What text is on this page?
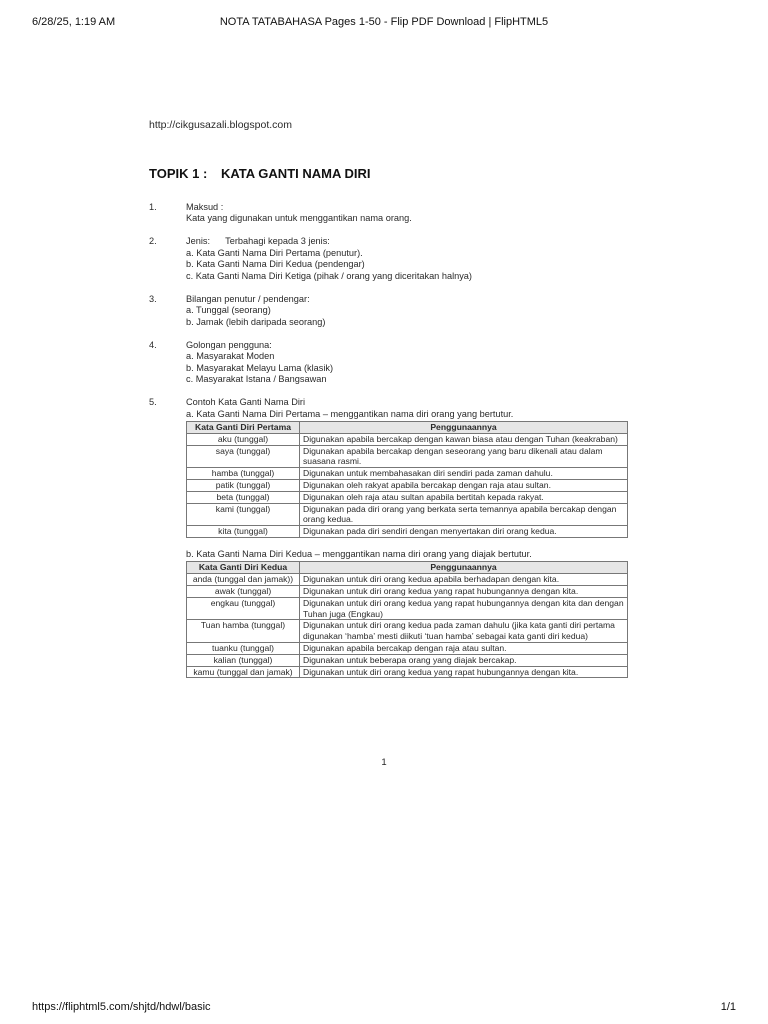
6/28/25, 1:19 AM	NOTA TATABAHASA Pages 1-50 - Flip PDF Download | FlipHTML5
http://cikgusazali.blogspot.com
TOPIK 1 : KATA GANTI NAMA DIRI
1.	Maksud :
Kata yang digunakan untuk menggantikan nama orang.
2.	Jenis:      Terbahagi kepada 3 jenis:
a. Kata Ganti Nama Diri Pertama (penutur).
b. Kata Ganti Nama Diri Kedua (pendengar)
c. Kata Ganti Nama Diri Ketiga (pihak / orang yang diceritakan halnya)
3.	Bilangan penutur / pendengar:
a. Tunggal (seorang)
b. Jamak (lebih daripada seorang)
4.	Golongan pengguna:
a. Masyarakat Moden
b. Masyarakat Melayu Lama (klasik)
c. Masyarakat Istana / Bangsawan
5.	Contoh Kata Ganti Nama Diri
a. Kata Ganti Nama Diri Pertama – menggantikan nama diri orang yang bertutur.
Kata Ganti Diri Pertama	Penggunaannya
aku (tunggal)	Digunakan apabila bercakap dengan kawan biasa atau dengan Tuhan (keakraban)
saya (tunggal)	Digunakan apabila bercakap dengan seseorang yang baru dikenali atau dalam suasana rasmi.
hamba (tunggal)	Digunakan untuk membahasakan diri sendiri pada zaman dahulu.
patik (tunggal)	Digunakan oleh rakyat apabila bercakap dengan raja atau sultan.
beta (tunggal)	Digunakan oleh raja atau sultan apabila bertitah kepada rakyat.
kami (tunggal)	Digunakan pada diri orang yang berkata serta temannya apabila bercakap dengan orang kedua.
kita (tunggal)	Digunakan pada diri sendiri dengan menyertakan diri orang kedua.
b. Kata Ganti Nama Diri Kedua – menggantikan nama diri orang yang diajak bertutur.
Kata Ganti Diri Kedua	Penggunaannya
anda (tunggal dan jamak))	Digunakan untuk diri orang kedua apabila berhadapan dengan kita.
awak (tunggal)	Digunakan untuk diri orang kedua yang rapat hubungannya dengan kita.
engkau (tunggal)	Digunakan untuk diri orang kedua yang rapat hubungannya dengan kita dan dengan Tuhan juga (Engkau)
Tuan hamba (tunggal)	Digunakan untuk diri orang kedua pada zaman dahulu (jika kata ganti diri pertama digunakan ‘hamba’ mesti diikuti ‘tuan hamba’ sebagai kata ganti diri kedua)
tuanku (tunggal)	Digunakan apabila bercakap dengan raja atau sultan.
kalian (tunggal)	Digunakan untuk beberapa orang yang diajak bercakap.
kamu (tunggal dan jamak)	Digunakan untuk diri orang kedua yang rapat hubungannya dengan kita.
1
https://fliphtml5.com/shjtd/hdwl/basic	1/1
